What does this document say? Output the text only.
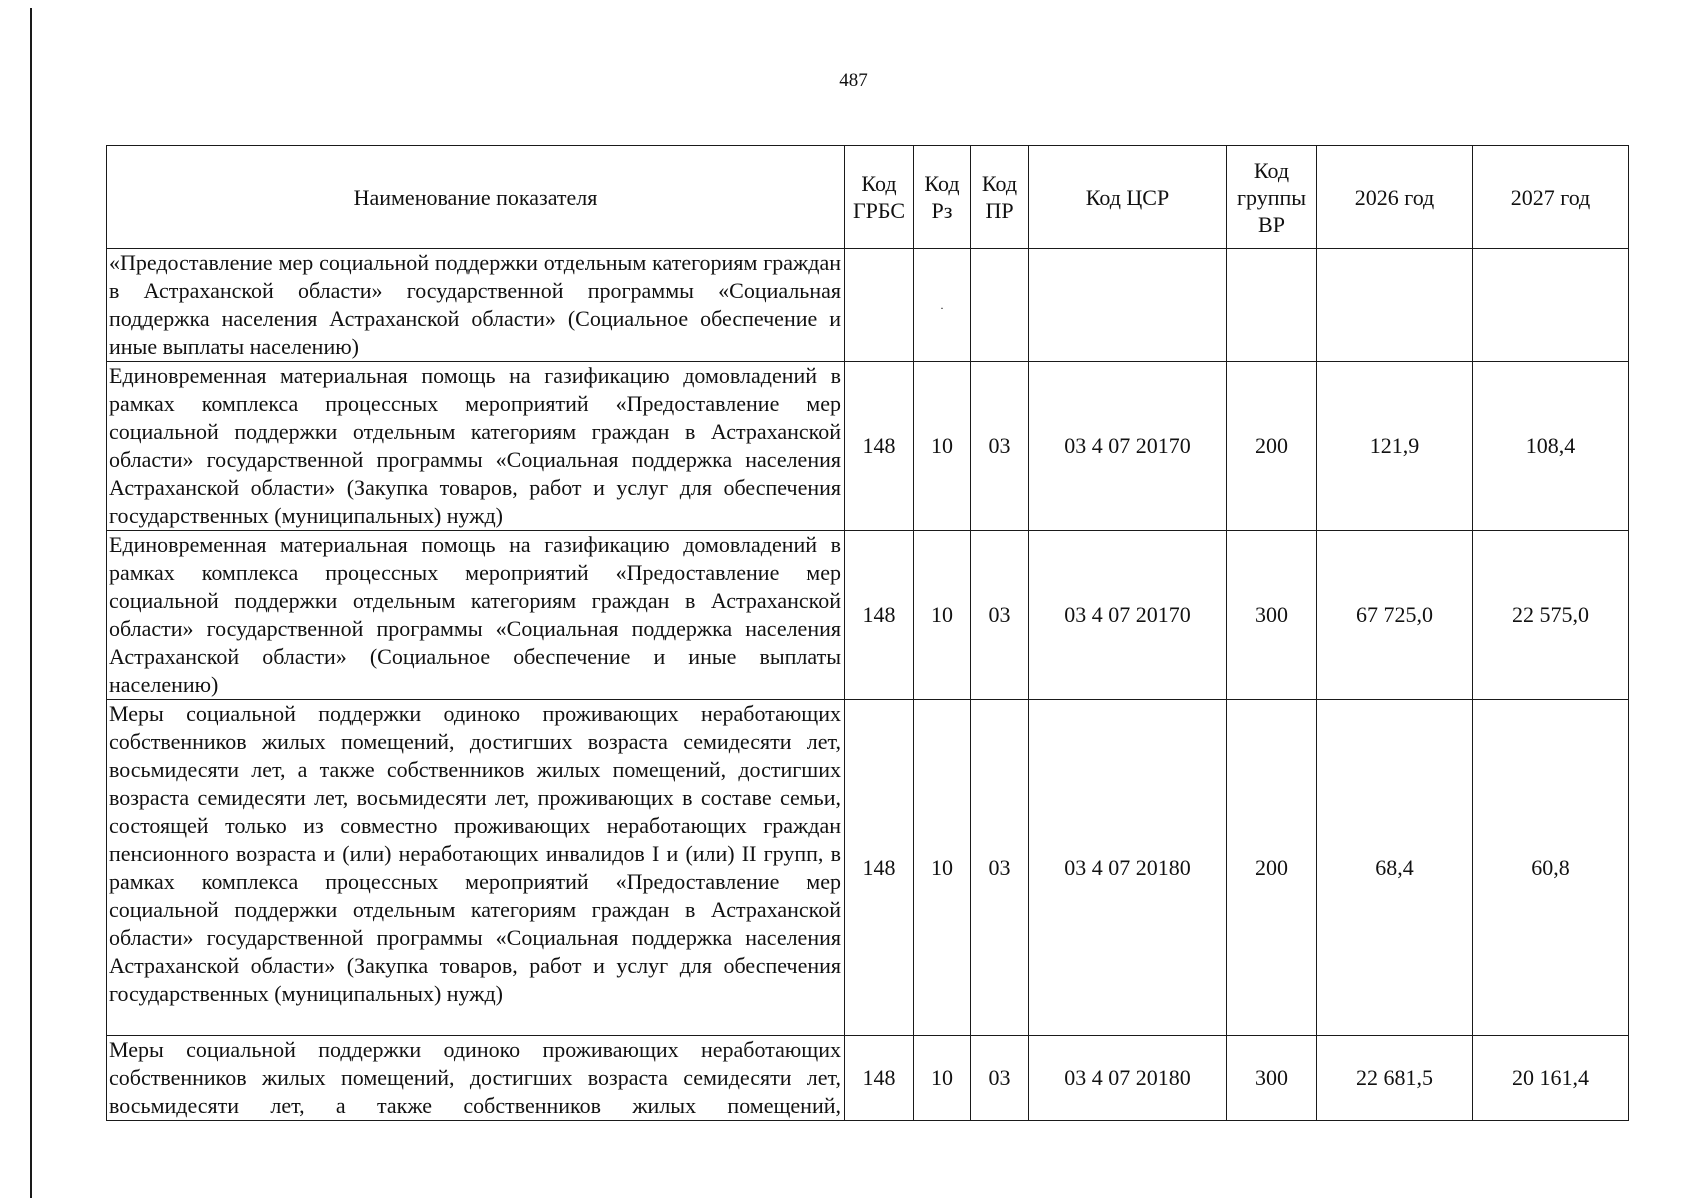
487
Наименование показателя	Код ГРБС	Код Рз	Код ПР	Код ЦСР	Код группы ВР	2026 год	2027 год
«Предоставление мер социальной поддержки отдельным категориям граждан в Астраханской области» государственной программы «Социальная поддержка населения Астраханской области» (Социальное обеспечение и иные выплаты населению)		.					
Единовременная материальная помощь на газификацию домовладений в рамках комплекса процессных мероприятий «Предоставление мер социальной поддержки отдельным категориям граждан в Астраханской области» государственной программы «Социальная поддержка населения Астраханской области» (Закупка товаров, работ и услуг для обеспечения государственных (муниципальных) нужд)	148	10	03	03 4 07 20170	200	121,9	108,4
Единовременная материальная помощь на газификацию домовладений в рамках комплекса процессных мероприятий «Предоставление мер социальной поддержки отдельным категориям граждан в Астраханской области» государственной программы «Социальная поддержка населения Астраханской области» (Социальное обеспечение и иные выплаты населению)	148	10	03	03 4 07 20170	300	67 725,0	22 575,0
Меры социальной поддержки одиноко проживающих неработающих собственников жилых помещений, достигших возраста семидесяти лет, восьмидесяти лет, а также собственников жилых помещений, достигших возраста семидесяти лет, восьмидесяти лет, проживающих в составе семьи, состоящей только из совместно проживающих неработающих граждан пенсионного возраста и (или) неработающих инвалидов I и (или) II групп, в рамках комплекса процессных мероприятий «Предоставление мер социальной поддержки отдельным категориям граждан в Астраханской области» государственной программы «Социальная поддержка населения Астраханской области» (Закупка товаров, работ и услуг для обеспечения государственных (муниципальных) нужд)	148	10	03	03 4 07 20180	200	68,4	60,8

Меры социальной поддержки одиноко проживающих неработающих собственников жилых помещений, достигших возраста семидесяти лет, восьмидесяти лет, а также собственников жилых помещений,	148	10	03	03 4 07 20180	300	22 681,5	20 161,4
